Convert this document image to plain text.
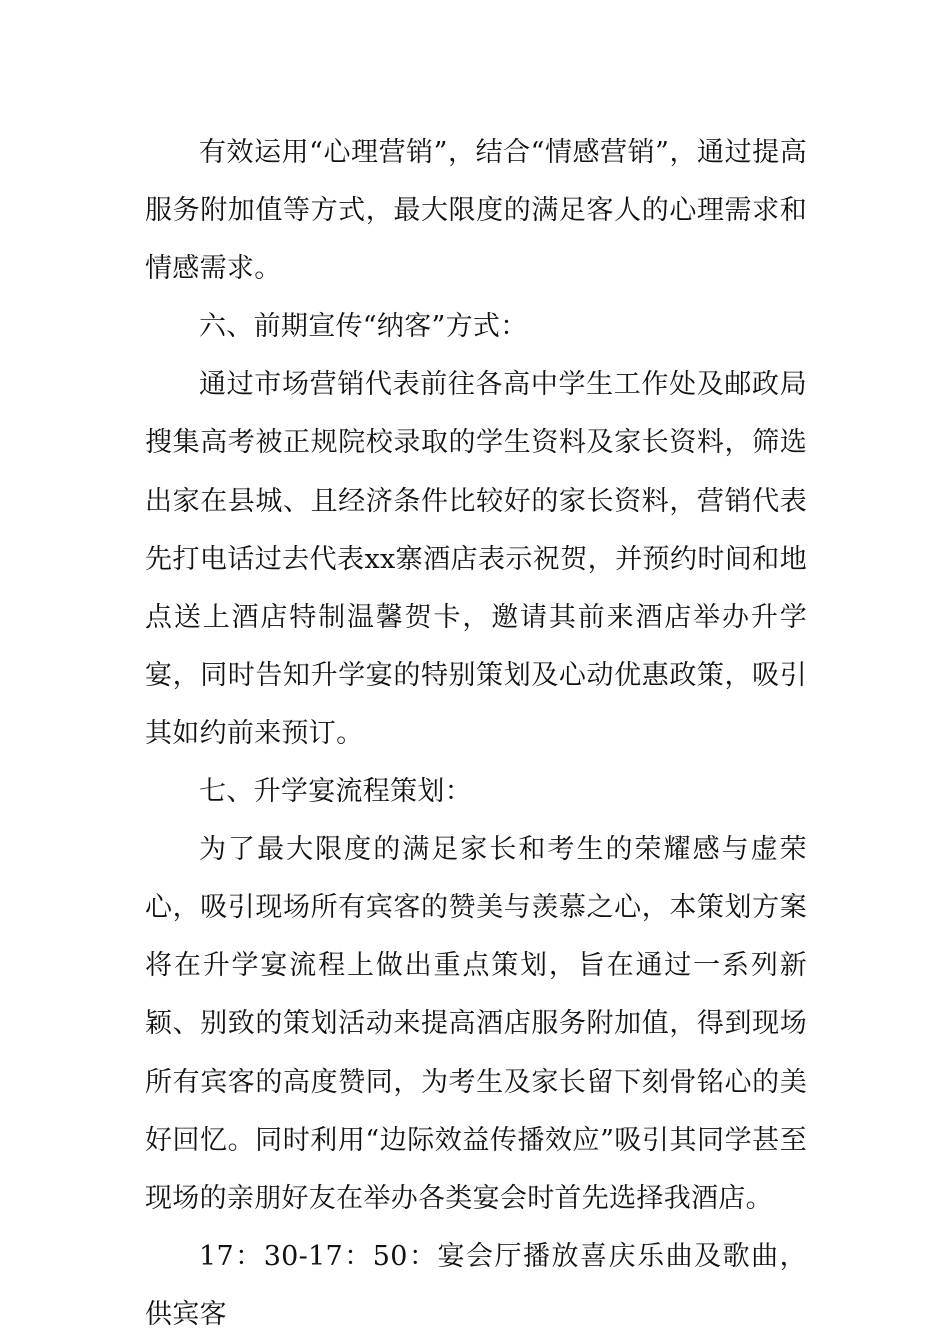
有效运用“心理营销”，结合“情感营销”，通过提高服务附加值等方式，最大限度的满足客人的心理需求和情感需求。

六、前期宣传“纳客”方式：

通过市场营销代表前往各高中学生工作处及邮政局搜集高考被正规院校录取的学生资料及家长资料，筛选出家在县城、且经济条件比较好的家长资料，营销代表先打电话过去代表xx寨酒店表示祝贺，并预约时间和地点送上酒店特制温馨贺卡，邀请其前来酒店举办升学宴，同时告知升学宴的特别策划及心动优惠政策，吸引其如约前来预订。

七、升学宴流程策划：

为了最大限度的满足家长和考生的荣耀感与虚荣心，吸引现场所有宾客的赞美与羡慕之心，本策划方案将在升学宴流程上做出重点策划，旨在通过一系列新颖、别致的策划活动来提高酒店服务附加值，得到现场所有宾客的高度赞同，为考生及家长留下刻骨铭心的美好回忆。同时利用“边际效益传播效应”吸引其同学甚至现场的亲朋好友在举办各类宴会时首先选择我酒店。

17：30-17：50：宴会厅播放喜庆乐曲及歌曲，供宾客
